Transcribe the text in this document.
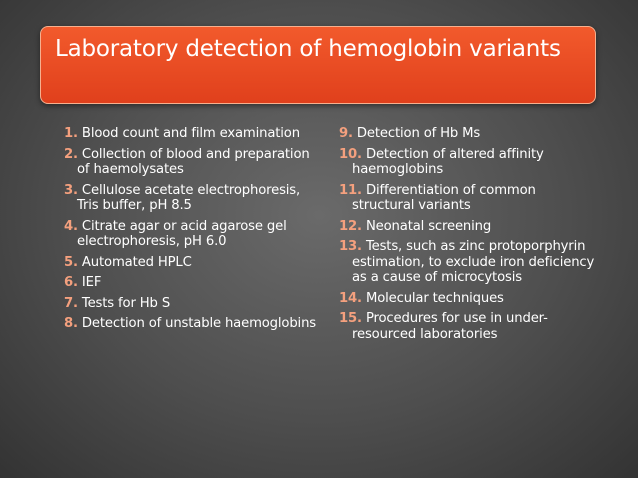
Laboratory detection of hemoglobin variants
1. Blood count and film examination
2. Collection of blood and preparation of haemolysates
3. Cellulose acetate electrophoresis, Tris buffer, pH 8.5
4. Citrate agar or acid agarose gel electrophoresis, pH 6.0
5. Automated HPLC
6. IEF
7. Tests for Hb S
8. Detection of unstable haemoglobins
9. Detection of Hb Ms
10. Detection of altered affinity haemoglobins
11. Differentiation of common structural variants
12. Neonatal screening
13. Tests, such as zinc protoporphyrin estimation, to exclude iron deficiency as a cause of microcytosis
14. Molecular techniques
15. Procedures for use in under-resourced laboratories
